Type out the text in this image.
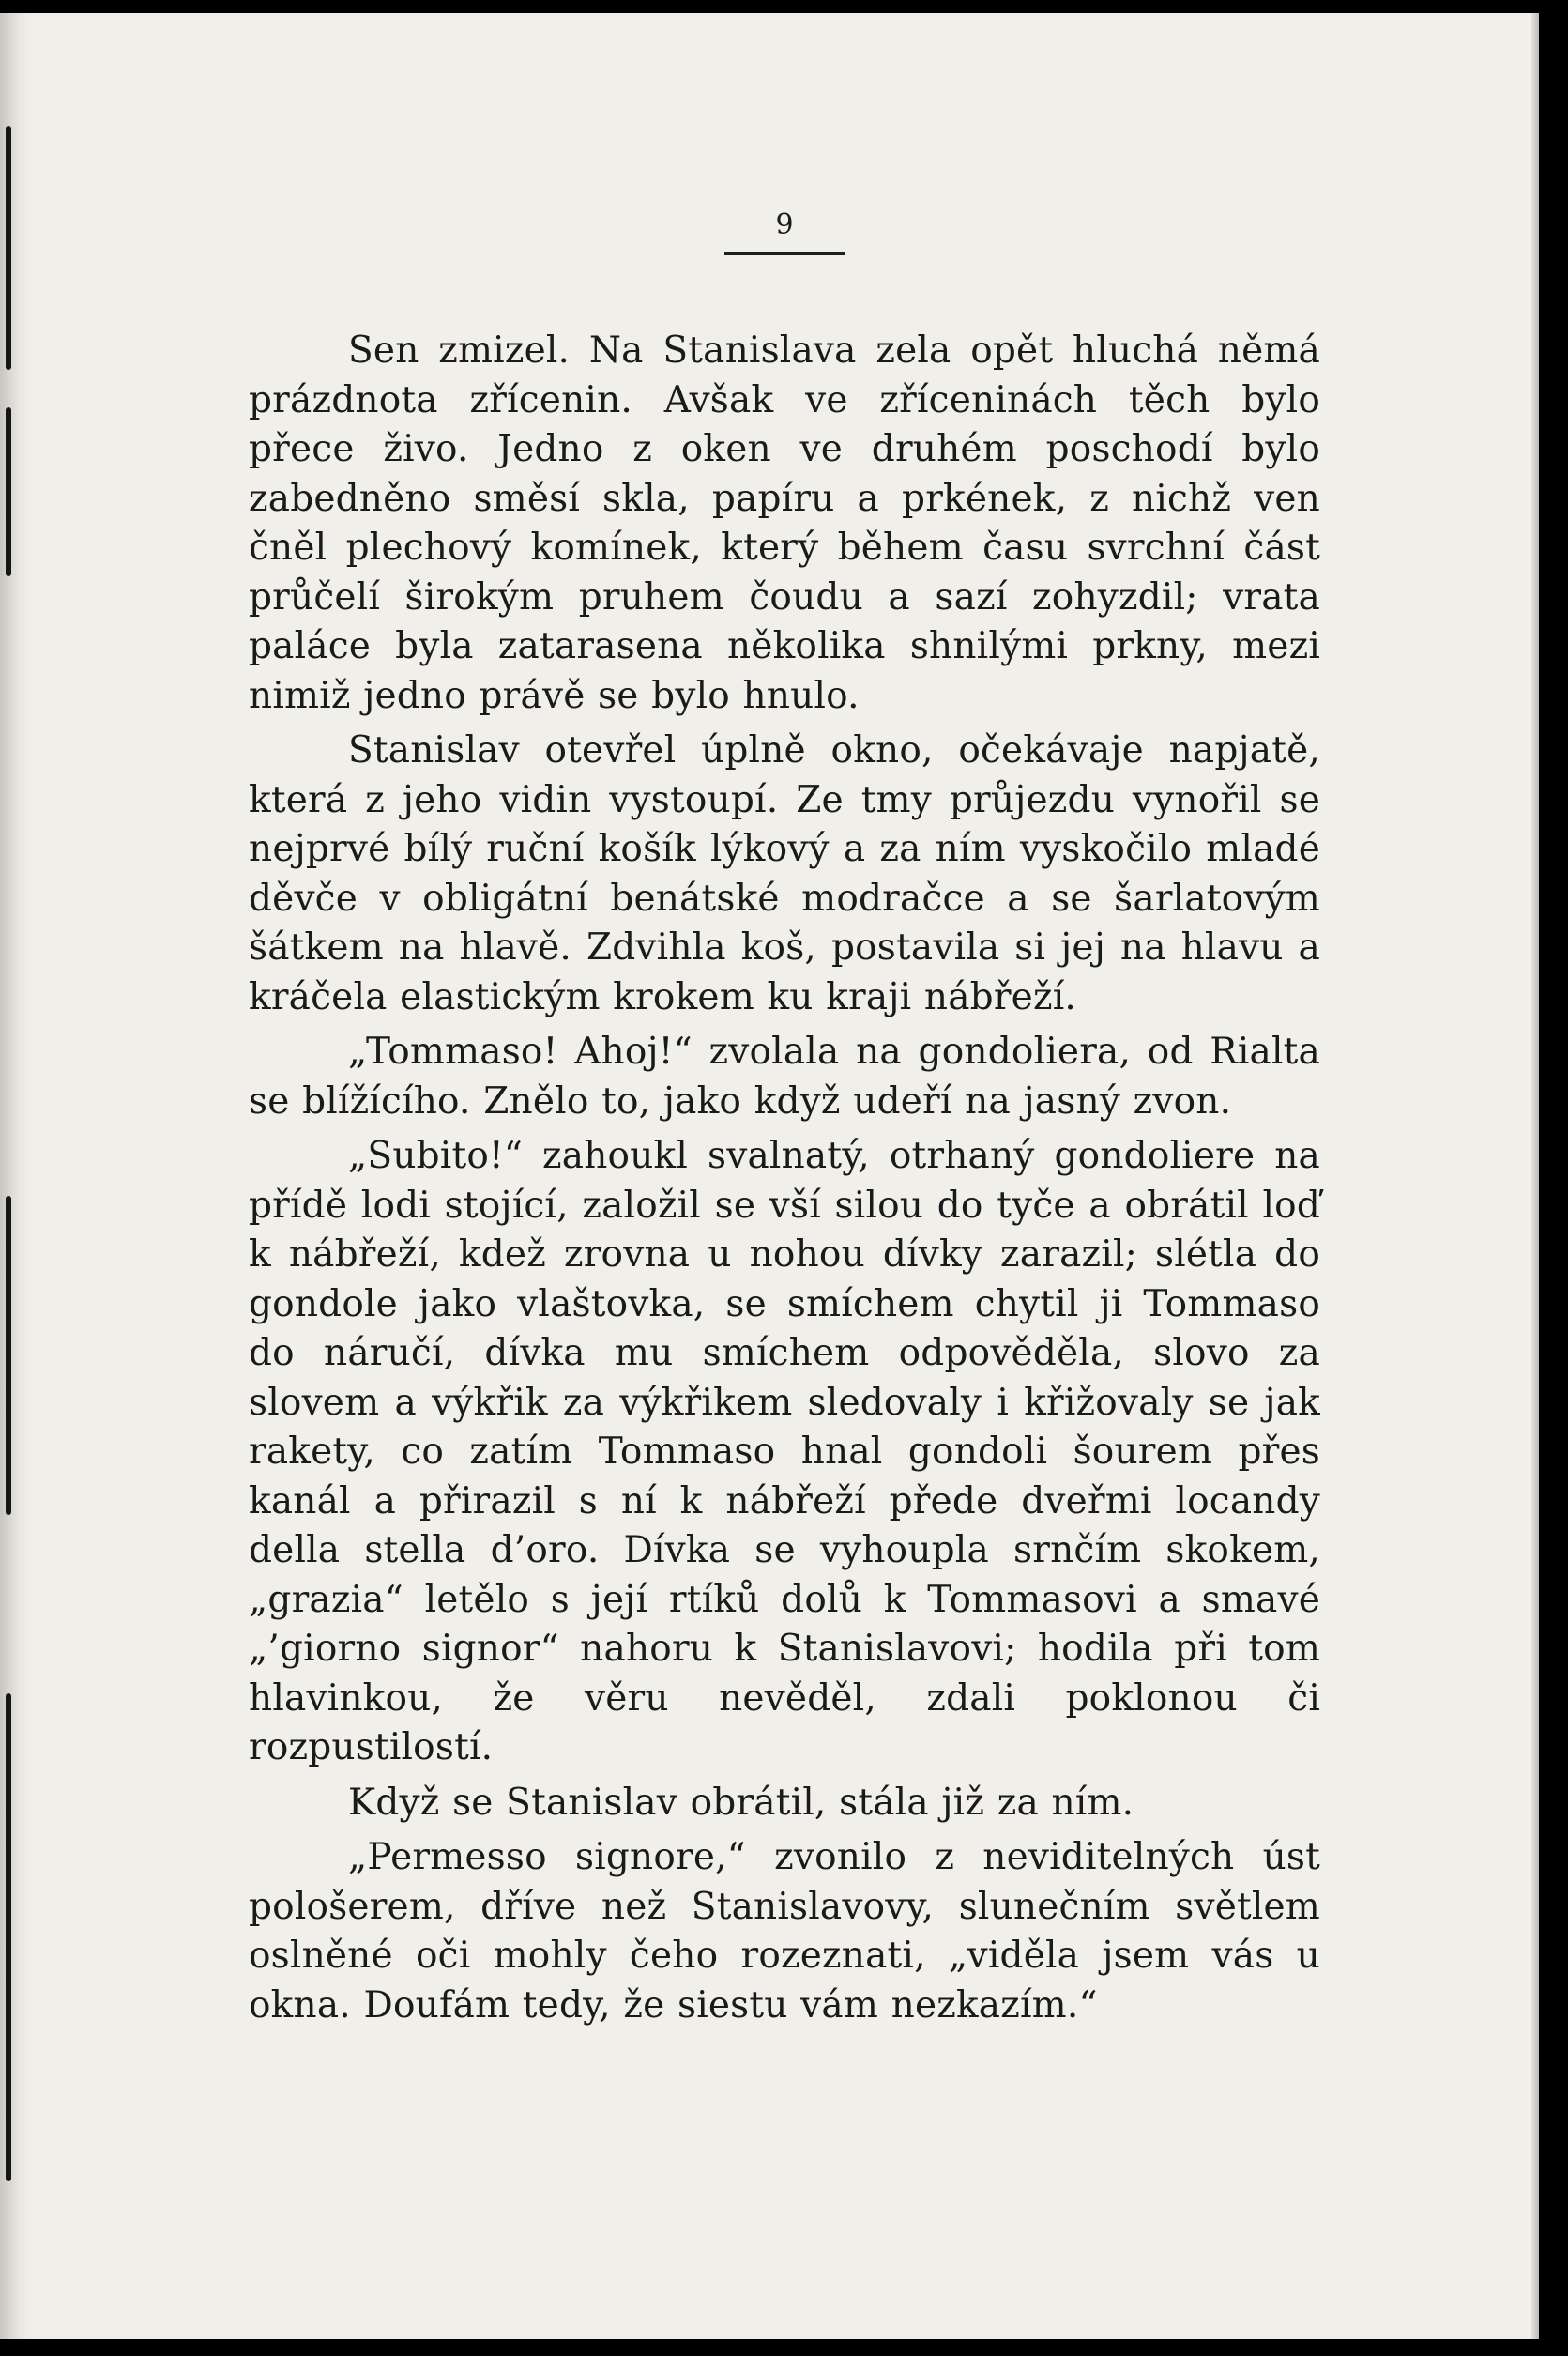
9

Sen zmizel. Na Stanislava zela opět hluchá němá prázdnota zřícenin. Avšak ve zříceninách těch bylo přece živo. Jedno z oken ve druhém poschodí bylo zabedněno směsí skla, papíru a prkének, z nichž ven čněl plechový komínek, který během času svrchní část průčelí širokým pruhem čoudu a sazí zohyzdil; vrata paláce byla zatarasena několika shnilými prkny, mezi nimiž jedno právě se bylo hnulo.

Stanislav otevřel úplně okno, očekávaje napjatě, která z jeho vidin vystoupí. Ze tmy průjezdu vynořil se nejprvé bílý ruční košík lýkový a za ním vyskočilo mladé děvče v obligátní benátské modračce a se šarlatovým šátkem na hlavě. Zdvihla koš, postavila si jej na hlavu a kráčela elastickým krokem ku kraji nábřeží.

„Tommaso! Ahoj!“ zvolala na gondoliera, od Rialta se blížícího. Znělo to, jako když udeří na jasný zvon.

„Subito!“ zahoukl svalnatý, otrhaný gondoliere na přídě lodi stojící, založil se vší silou do tyče a obrátil loď k nábřeží, kdež zrovna u nohou dívky zarazil; slétla do gondole jako vlaštovka, se smíchem chytil ji Tommaso do náručí, dívka mu smíchem odpověděla, slovo za slovem a výkřik za výkřikem sledovaly i křižovaly se jak rakety, co zatím Tommaso hnal gondoli šourem přes kanál a přirazil s ní k nábřeží přede dveřmi locandy della stella d’oro. Dívka se vyhoupla srnčím skokem, „grazia“ letělo s její rtíků dolů k Tommasovi a smavé „’giorno signor“ nahoru k Stanislavovi; hodila při tom hlavinkou, že věru nevěděl, zdali poklonou či rozpustilostí.

Když se Stanislav obrátil, stála již za ním.

„Permesso signore,“ zvonilo z neviditelných úst pološerem, dříve než Stanislavovy, slunečním světlem oslněné oči mohly čeho rozeznati, „viděla jsem vás u okna. Doufám tedy, že siestu vám nezkazím.“
